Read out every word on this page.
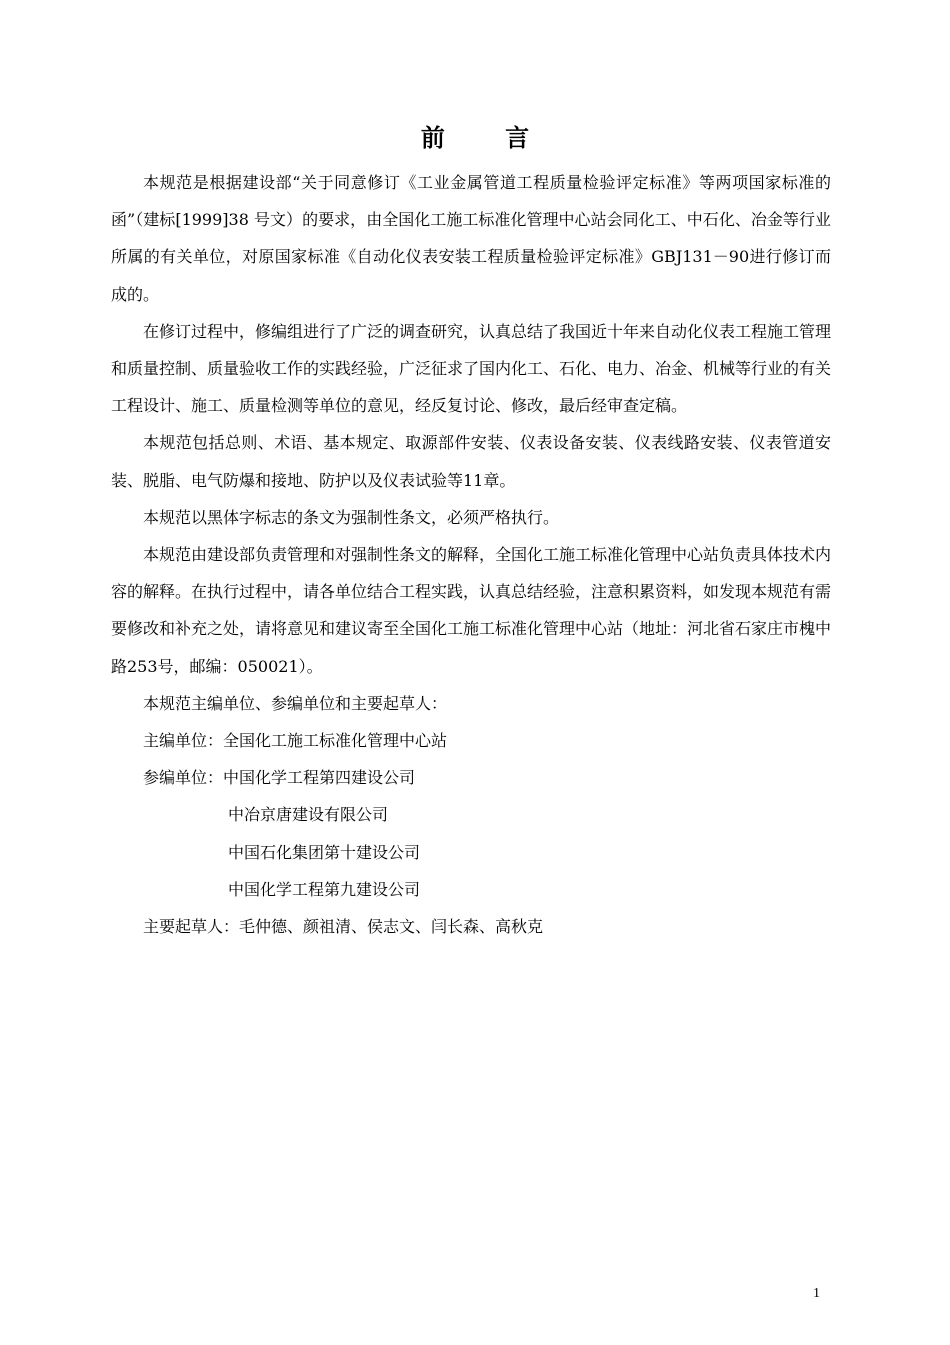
前 言

本规范是根据建设部“关于同意修订《工业金属管道工程质量检验评定标准》等两项国家标准的函”（建标[1999]38 号文）的要求，由全国化工施工标准化管理中心站会同化工、中石化、冶金等行业所属的有关单位，对原国家标准《自动化仪表安装工程质量检验评定标准》GBJ131－90进行修订而成的。

在修订过程中，修编组进行了广泛的调查研究，认真总结了我国近十年来自动化仪表工程施工管理和质量控制、质量验收工作的实践经验，广泛征求了国内化工、石化、电力、冶金、机械等行业的有关工程设计、施工、质量检测等单位的意见，经反复讨论、修改，最后经审查定稿。

本规范包括总则、术语、基本规定、取源部件安装、仪表设备安装、仪表线路安装、仪表管道安装、脱脂、电气防爆和接地、防护以及仪表试验等11章。

本规范以黑体字标志的条文为强制性条文，必须严格执行。

本规范由建设部负责管理和对强制性条文的解释，全国化工施工标准化管理中心站负责具体技术内容的解释。在执行过程中，请各单位结合工程实践，认真总结经验，注意积累资料，如发现本规范有需要修改和补充之处，请将意见和建议寄至全国化工施工标准化管理中心站（地址：河北省石家庄市槐中路253号，邮编：050021）。

本规范主编单位、参编单位和主要起草人：

主编单位：全国化工施工标准化管理中心站

参编单位：中国化学工程第四建设公司

中冶京唐建设有限公司

中国石化集团第十建设公司

中国化学工程第九建设公司

主要起草人：毛仲德、颜祖清、侯志文、闫长森、高秋克

1
